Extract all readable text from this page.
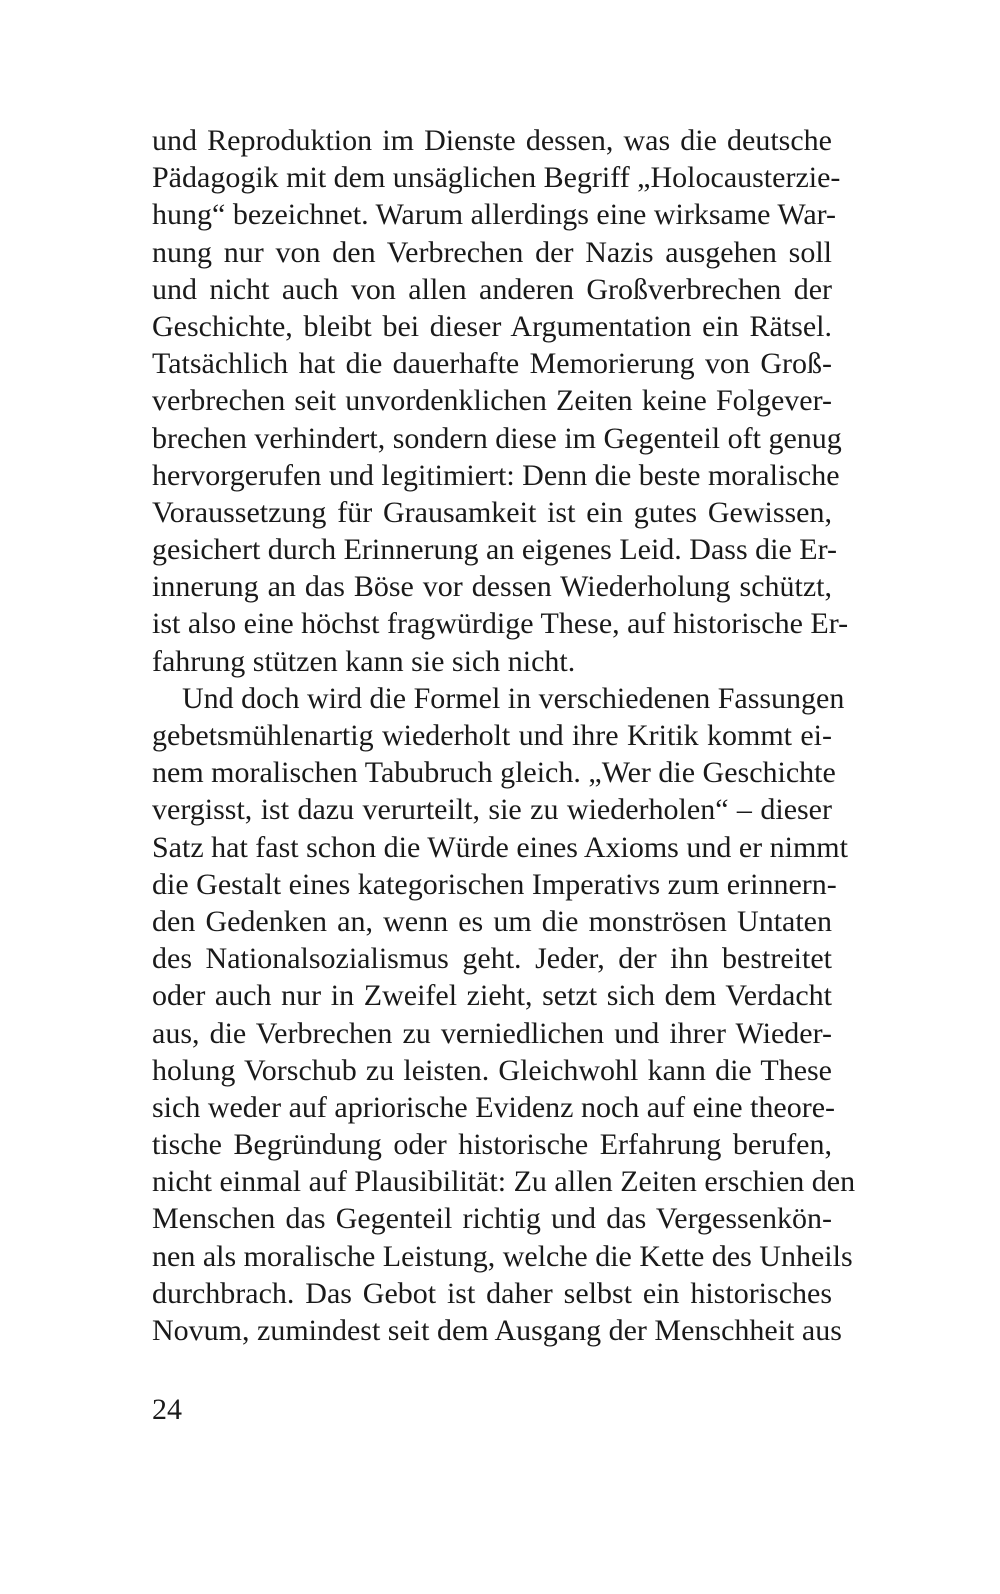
und Reproduktion im Dienste dessen, was die deutsche
Pädagogik mit dem unsäglichen Begriff „Holocausterzie-
hung“ bezeichnet. Warum allerdings eine wirksame War-
nung nur von den Verbrechen der Nazis ausgehen soll
und nicht auch von allen anderen Großverbrechen der
Geschichte, bleibt bei dieser Argumentation ein Rätsel.
Tatsächlich hat die dauerhafte Memorierung von Groß-
verbrechen seit unvordenklichen Zeiten keine Folgever-
brechen verhindert, sondern diese im Gegenteil oft genug
hervorgerufen und legitimiert: Denn die beste moralische
Voraussetzung für Grausamkeit ist ein gutes Gewissen,
gesichert durch Erinnerung an eigenes Leid. Dass die Er-
innerung an das Böse vor dessen Wiederholung schützt,
ist also eine höchst fragwürdige These, auf historische Er-
fahrung stützen kann sie sich nicht.
Und doch wird die Formel in verschiedenen Fassungen
gebetsmühlenartig wiederholt und ihre Kritik kommt ei-
nem moralischen Tabubruch gleich. „Wer die Geschichte
vergisst, ist dazu verurteilt, sie zu wiederholen“ – dieser
Satz hat fast schon die Würde eines Axioms und er nimmt
die Gestalt eines kategorischen Imperativs zum erinnern-
den Gedenken an, wenn es um die monströsen Untaten
des Nationalsozialismus geht. Jeder, der ihn bestreitet
oder auch nur in Zweifel zieht, setzt sich dem Verdacht
aus, die Verbrechen zu verniedlichen und ihrer Wieder-
holung Vorschub zu leisten. Gleichwohl kann die These
sich weder auf apriorische Evidenz noch auf eine theore-
tische Begründung oder historische Erfahrung berufen,
nicht einmal auf Plausibilität: Zu allen Zeiten erschien den
Menschen das Gegenteil richtig und das Vergessenkön-
nen als moralische Leistung, welche die Kette des Unheils
durchbrach. Das Gebot ist daher selbst ein historisches
Novum, zumindest seit dem Ausgang der Menschheit aus
24
